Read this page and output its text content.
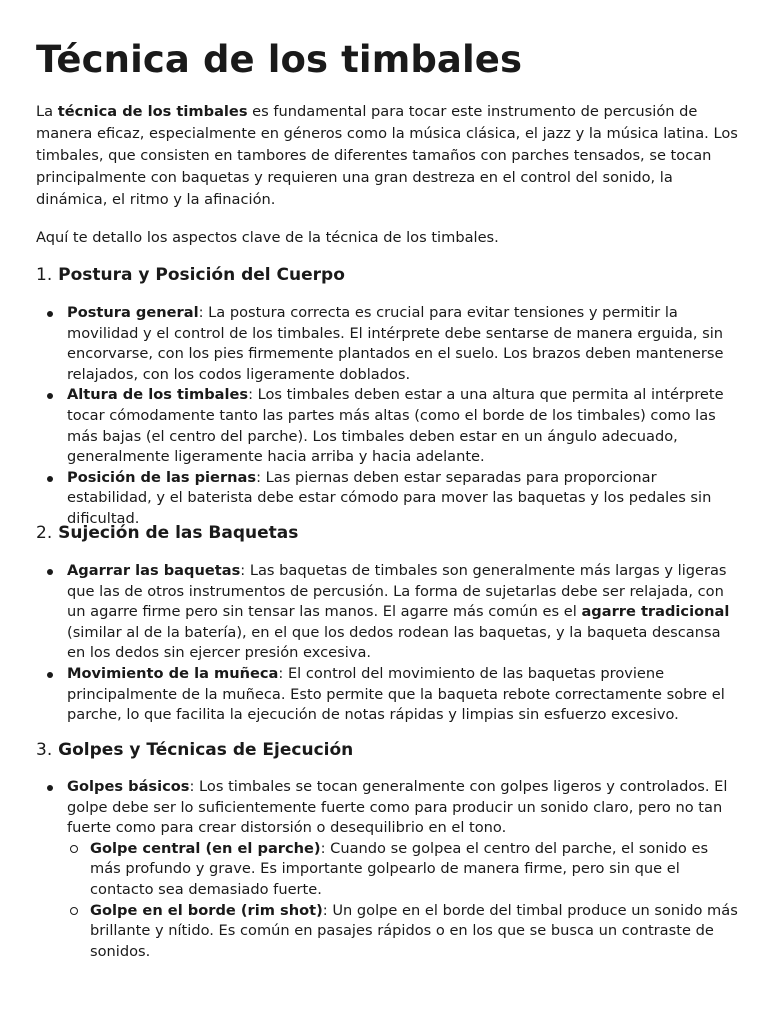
Técnica de los timbales

La técnica de los timbales es fundamental para tocar este instrumento de percusión de manera eficaz, especialmente en géneros como la música clásica, el jazz y la música latina. Los timbales, que consisten en tambores de diferentes tamaños con parches tensados, se tocan principalmente con baquetas y requieren una gran destreza en el control del sonido, la dinámica, el ritmo y la afinación.

Aquí te detallo los aspectos clave de la técnica de los timbales.

1. Postura y Posición del Cuerpo
Postura general: La postura correcta es crucial para evitar tensiones y permitir la movilidad y el control de los timbales. El intérprete debe sentarse de manera erguida, sin encorvarse, con los pies firmemente plantados en el suelo. Los brazos deben mantenerse relajados, con los codos ligeramente doblados.
Altura de los timbales: Los timbales deben estar a una altura que permita al intérprete tocar cómodamente tanto las partes más altas (como el borde de los timbales) como las más bajas (el centro del parche). Los timbales deben estar en un ángulo adecuado, generalmente ligeramente hacia arriba y hacia adelante.
Posición de las piernas: Las piernas deben estar separadas para proporcionar estabilidad, y el baterista debe estar cómodo para mover las baquetas y los pedales sin dificultad.
2. Sujeción de las Baquetas
Agarrar las baquetas: Las baquetas de timbales son generalmente más largas y ligeras que las de otros instrumentos de percusión. La forma de sujetarlas debe ser relajada, con un agarre firme pero sin tensar las manos. El agarre más común es el agarre tradicional (similar al de la batería), en el que los dedos rodean las baquetas, y la baqueta descansa en los dedos sin ejercer presión excesiva.
Movimiento de la muñeca: El control del movimiento de las baquetas proviene principalmente de la muñeca. Esto permite que la baqueta rebote correctamente sobre el parche, lo que facilita la ejecución de notas rápidas y limpias sin esfuerzo excesivo.
3. Golpes y Técnicas de Ejecución
Golpes básicos: Los timbales se tocan generalmente con golpes ligeros y controlados. El golpe debe ser lo suficientemente fuerte como para producir un sonido claro, pero no tan fuerte como para crear distorsión o desequilibrio en el tono.
Golpe central (en el parche): Cuando se golpea el centro del parche, el sonido es más profundo y grave. Es importante golpearlo de manera firme, pero sin que el contacto sea demasiado fuerte.
Golpe en el borde (rim shot): Un golpe en el borde del timbal produce un sonido más brillante y nítido. Es común en pasajes rápidos o en los que se busca un contraste de sonidos.
